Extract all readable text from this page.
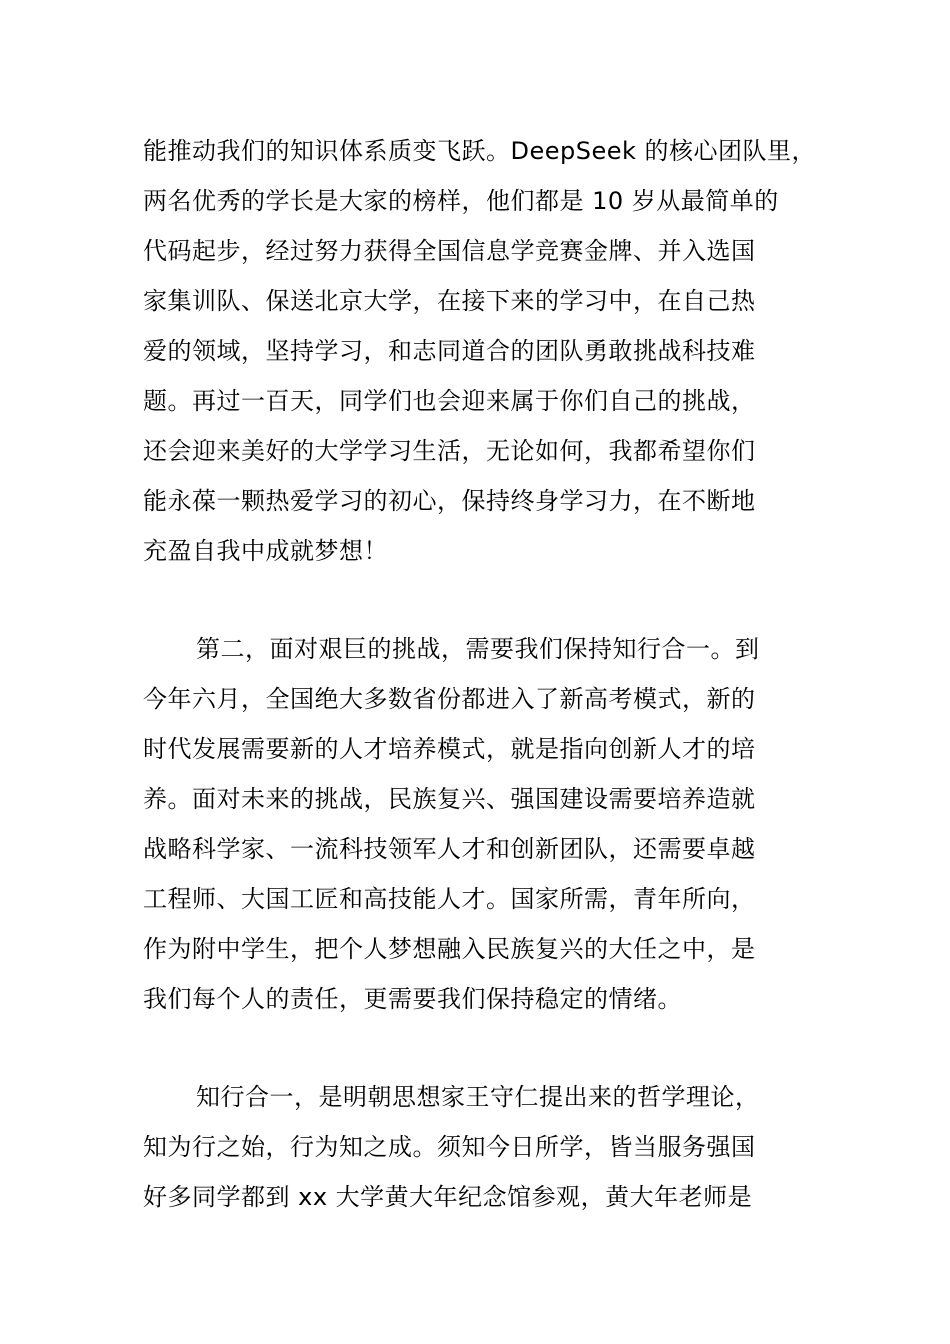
能推动我们的知识体系质变飞跃。DeepSeek 的核心团队里，
两名优秀的学长是大家的榜样，他们都是 10 岁从最简单的
代码起步，经过努力获得全国信息学竞赛金牌、并入选国
家集训队、保送北京大学，在接下来的学习中，在自己热
爱的领域，坚持学习，和志同道合的团队勇敢挑战科技难
题。再过一百天，同学们也会迎来属于你们自己的挑战，
还会迎来美好的大学学习生活，无论如何，我都希望你们
能永葆一颗热爱学习的初心，保持终身学习力，在不断地
充盈自我中成就梦想！
第二，面对艰巨的挑战，需要我们保持知行合一。到
今年六月，全国绝大多数省份都进入了新高考模式，新的
时代发展需要新的人才培养模式，就是指向创新人才的培
养。面对未来的挑战，民族复兴、强国建设需要培养造就
战略科学家、一流科技领军人才和创新团队，还需要卓越
工程师、大国工匠和高技能人才。国家所需，青年所向，
作为附中学生，把个人梦想融入民族复兴的大任之中，是
我们每个人的责任，更需要我们保持稳定的情绪。
知行合一，是明朝思想家王守仁提出来的哲学理论，
知为行之始，行为知之成。须知今日所学，皆当服务强国
好多同学都到 xx 大学黄大年纪念馆参观，黄大年老师是
